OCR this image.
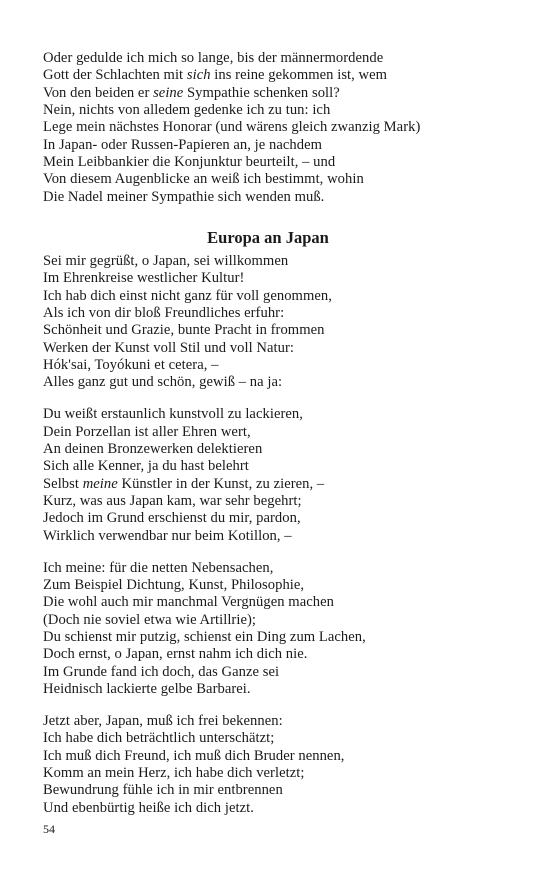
Oder gedulde ich mich so lange, bis der männermordende
Gott der Schlachten mit sich ins reine gekommen ist, wem
Von den beiden er seine Sympathie schenken soll?
Nein, nichts von alledem gedenke ich zu tun: ich
Lege mein nächstes Honorar (und wärens gleich zwanzig Mark)
In Japan- oder Russen-Papieren an, je nachdem
Mein Leibbankier die Konjunktur beurteilt, – und
Von diesem Augenblicke an weiß ich bestimmt, wohin
Die Nadel meiner Sympathie sich wenden muß.
Europa an Japan
Sei mir gegrüßt, o Japan, sei willkommen
Im Ehrenkreise westlicher Kultur!
Ich hab dich einst nicht ganz für voll genommen,
Als ich von dir bloß Freundliches erfuhr:
Schönheit und Grazie, bunte Pracht in frommen
Werken der Kunst voll Stil und voll Natur:
Hók'sai, Toyókuni et cetera, –
Alles ganz gut und schön, gewiß – na ja:
Du weißt erstaunlich kunstvoll zu lackieren,
Dein Porzellan ist aller Ehren wert,
An deinen Bronzewerken delektieren
Sich alle Kenner, ja du hast belehrt
Selbst meine Künstler in der Kunst, zu zieren, –
Kurz, was aus Japan kam, war sehr begehrt;
Jedoch im Grund erschienst du mir, pardon,
Wirklich verwendbar nur beim Kotillon, –
Ich meine: für die netten Nebensachen,
Zum Beispiel Dichtung, Kunst, Philosophie,
Die wohl auch mir manchmal Vergnügen machen
(Doch nie soviel etwa wie Artillrie);
Du schienst mir putzig, schienst ein Ding zum Lachen,
Doch ernst, o Japan, ernst nahm ich dich nie.
Im Grunde fand ich doch, das Ganze sei
Heidnisch lackierte gelbe Barbarei.
Jetzt aber, Japan, muß ich frei bekennen:
Ich habe dich beträchtlich unterschätzt;
Ich muß dich Freund, ich muß dich Bruder nennen,
Komm an mein Herz, ich habe dich verletzt;
Bewundrung fühle ich in mir entbrennen
Und ebenbürtig heiße ich dich jetzt.
54
